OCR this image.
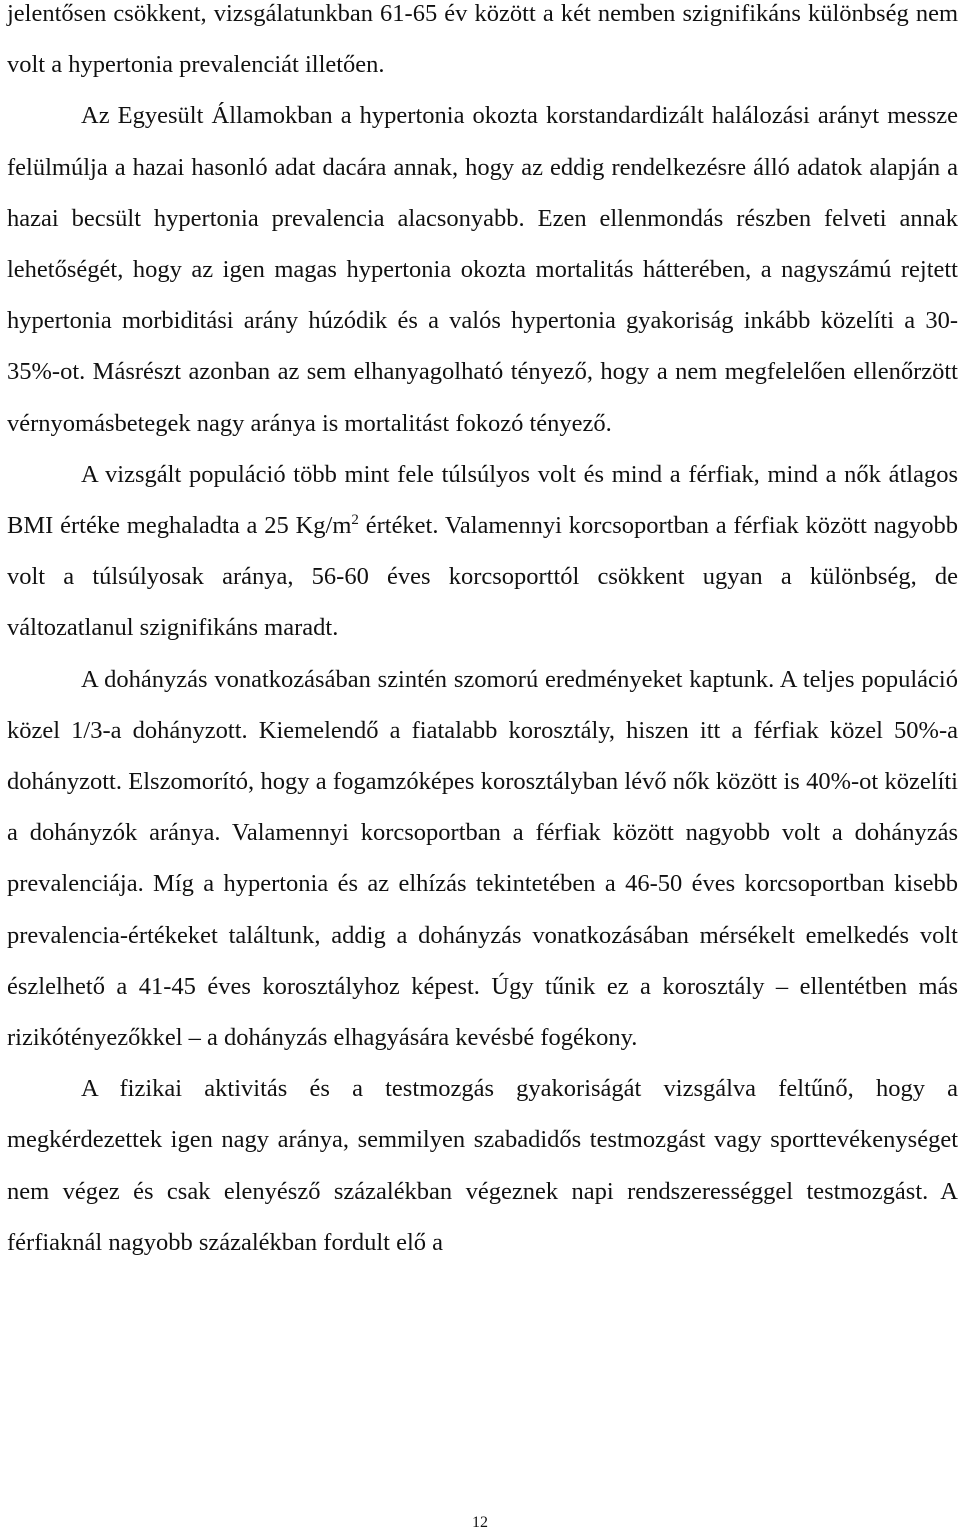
jelentősen csökkent, vizsgálatunkban 61-65 év között a két nemben szignifikáns különbség nem volt a hypertonia prevalenciát illetően.

Az Egyesült Államokban a hypertonia okozta korstandardizált halálozási arányt messze felülmúlja a hazai hasonló adat dacára annak, hogy az eddig rendelkezésre álló adatok alapján a hazai becsült hypertonia prevalencia alacsonyabb. Ezen ellenmondás részben felveti annak lehetőségét, hogy az igen magas hypertonia okozta mortalitás hátterében, a nagyszámú rejtett hypertonia morbiditási arány húzódik és a valós hypertonia gyakoriság inkább közelíti a 30-35%-ot. Másrészt azonban az sem elhanyagolható tényező, hogy a nem megfelelően ellenőrzött vérnyomásbetegek nagy aránya is mortalitást fokozó tényező.

A vizsgált populáció több mint fele túlsúlyos volt és mind a férfiak, mind a nők átlagos BMI értéke meghaladta a 25 $Kg/m^2$ értéket. Valamennyi korcsoportban a férfiak között nagyobb volt a túlsúlyosak aránya, 56-60 éves korcsoporttól csökkent ugyan a különbség, de változatlanul szignifikáns maradt.

A dohányzás vonatkozásában szintén szomorú eredményeket kaptunk. A teljes populáció közel 1/3-a dohányzott. Kiemelendő a fiatalabb korosztály, hiszen itt a férfiak közel 50%-a dohányzott. Elszomorító, hogy a fogamzóképes korosztályban lévő nők között is 40%-ot közelíti a dohányzók aránya. Valamennyi korcsoportban a férfiak között nagyobb volt a dohányzás prevalenciája. Míg a hypertonia és az elhízás tekintetében a 46-50 éves korcsoportban kisebb prevalencia-értékeket találtunk, addig a dohányzás vonatkozásában mérsékelt emelkedés volt észlelhető a 41-45 éves korosztályhoz képest. Úgy tűnik ez a korosztály – ellentétben más rizikótényezőkkel – a dohányzás elhagyására kevésbé fogékony.

A fizikai aktivitás és a testmozgás gyakoriságát vizsgálva feltűnő, hogy a megkérdezettek igen nagy aránya, semmilyen szabadidős testmozgást vagy sporttevékenységet nem végez és csak elenyésző százalékban végeznek napi rendszerességgel testmozgást. A férfiaknál nagyobb százalékban fordult elő a

12
